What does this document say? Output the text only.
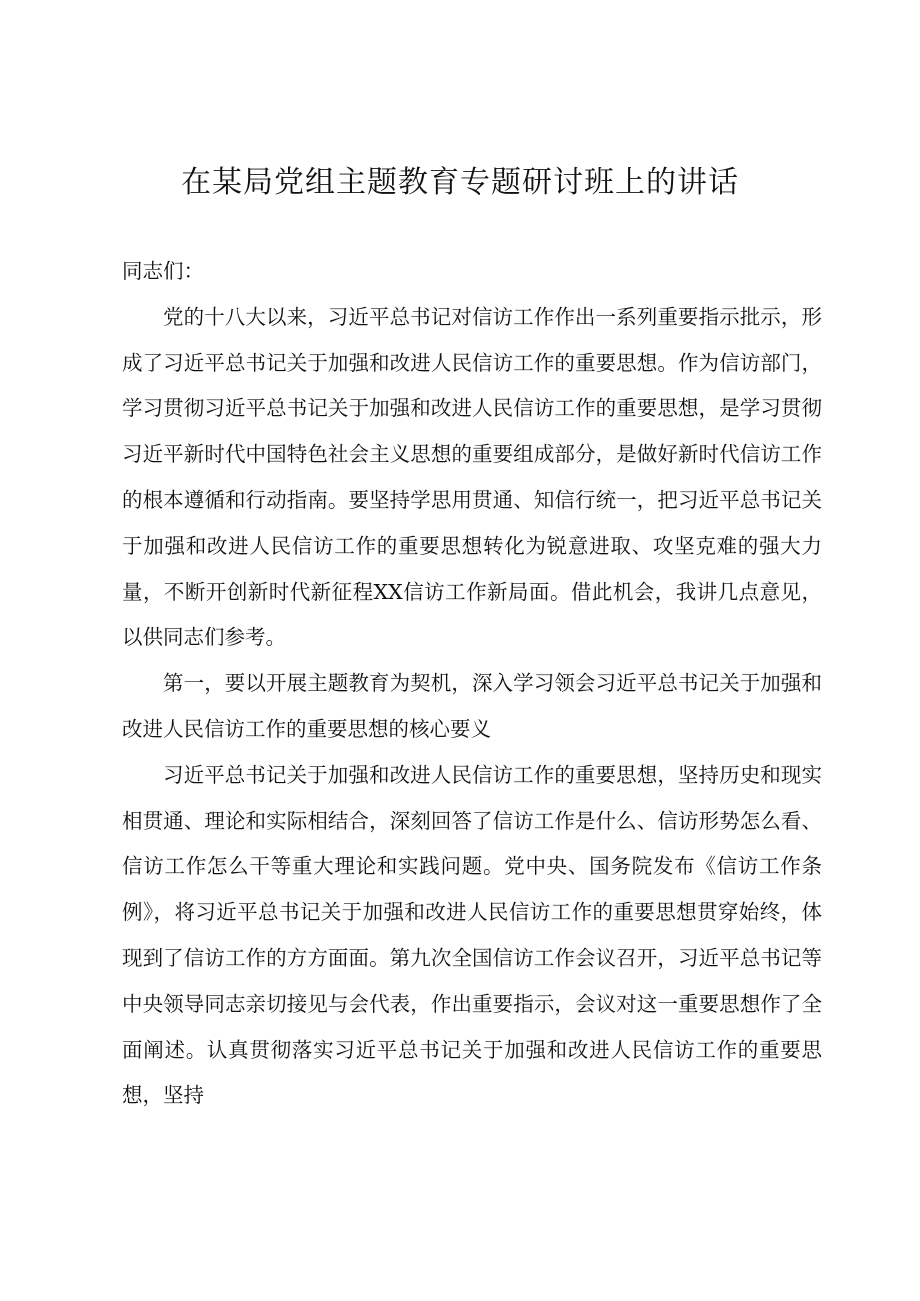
在某局党组主题教育专题研讨班上的讲话

同志们：

党的十八大以来，习近平总书记对信访工作作出一系列重要指示批示，形成了习近平总书记关于加强和改进人民信访工作的重要思想。作为信访部门，学习贯彻习近平总书记关于加强和改进人民信访工作的重要思想，是学习贯彻习近平新时代中国特色社会主义思想的重要组成部分，是做好新时代信访工作的根本遵循和行动指南。要坚持学思用贯通、知信行统一，把习近平总书记关于加强和改进人民信访工作的重要思想转化为锐意进取、攻坚克难的强大力量，不断开创新时代新征程XX信访工作新局面。借此机会，我讲几点意见，以供同志们参考。

第一，要以开展主题教育为契机，深入学习领会习近平总书记关于加强和改进人民信访工作的重要思想的核心要义

习近平总书记关于加强和改进人民信访工作的重要思想，坚持历史和现实相贯通、理论和实际相结合，深刻回答了信访工作是什么、信访形势怎么看、信访工作怎么干等重大理论和实践问题。党中央、国务院发布《信访工作条例》，将习近平总书记关于加强和改进人民信访工作的重要思想贯穿始终，体现到了信访工作的方方面面。第九次全国信访工作会议召开，习近平总书记等中央领导同志亲切接见与会代表，作出重要指示，会议对这一重要思想作了全面阐述。认真贯彻落实习近平总书记关于加强和改进人民信访工作的重要思想，坚持
